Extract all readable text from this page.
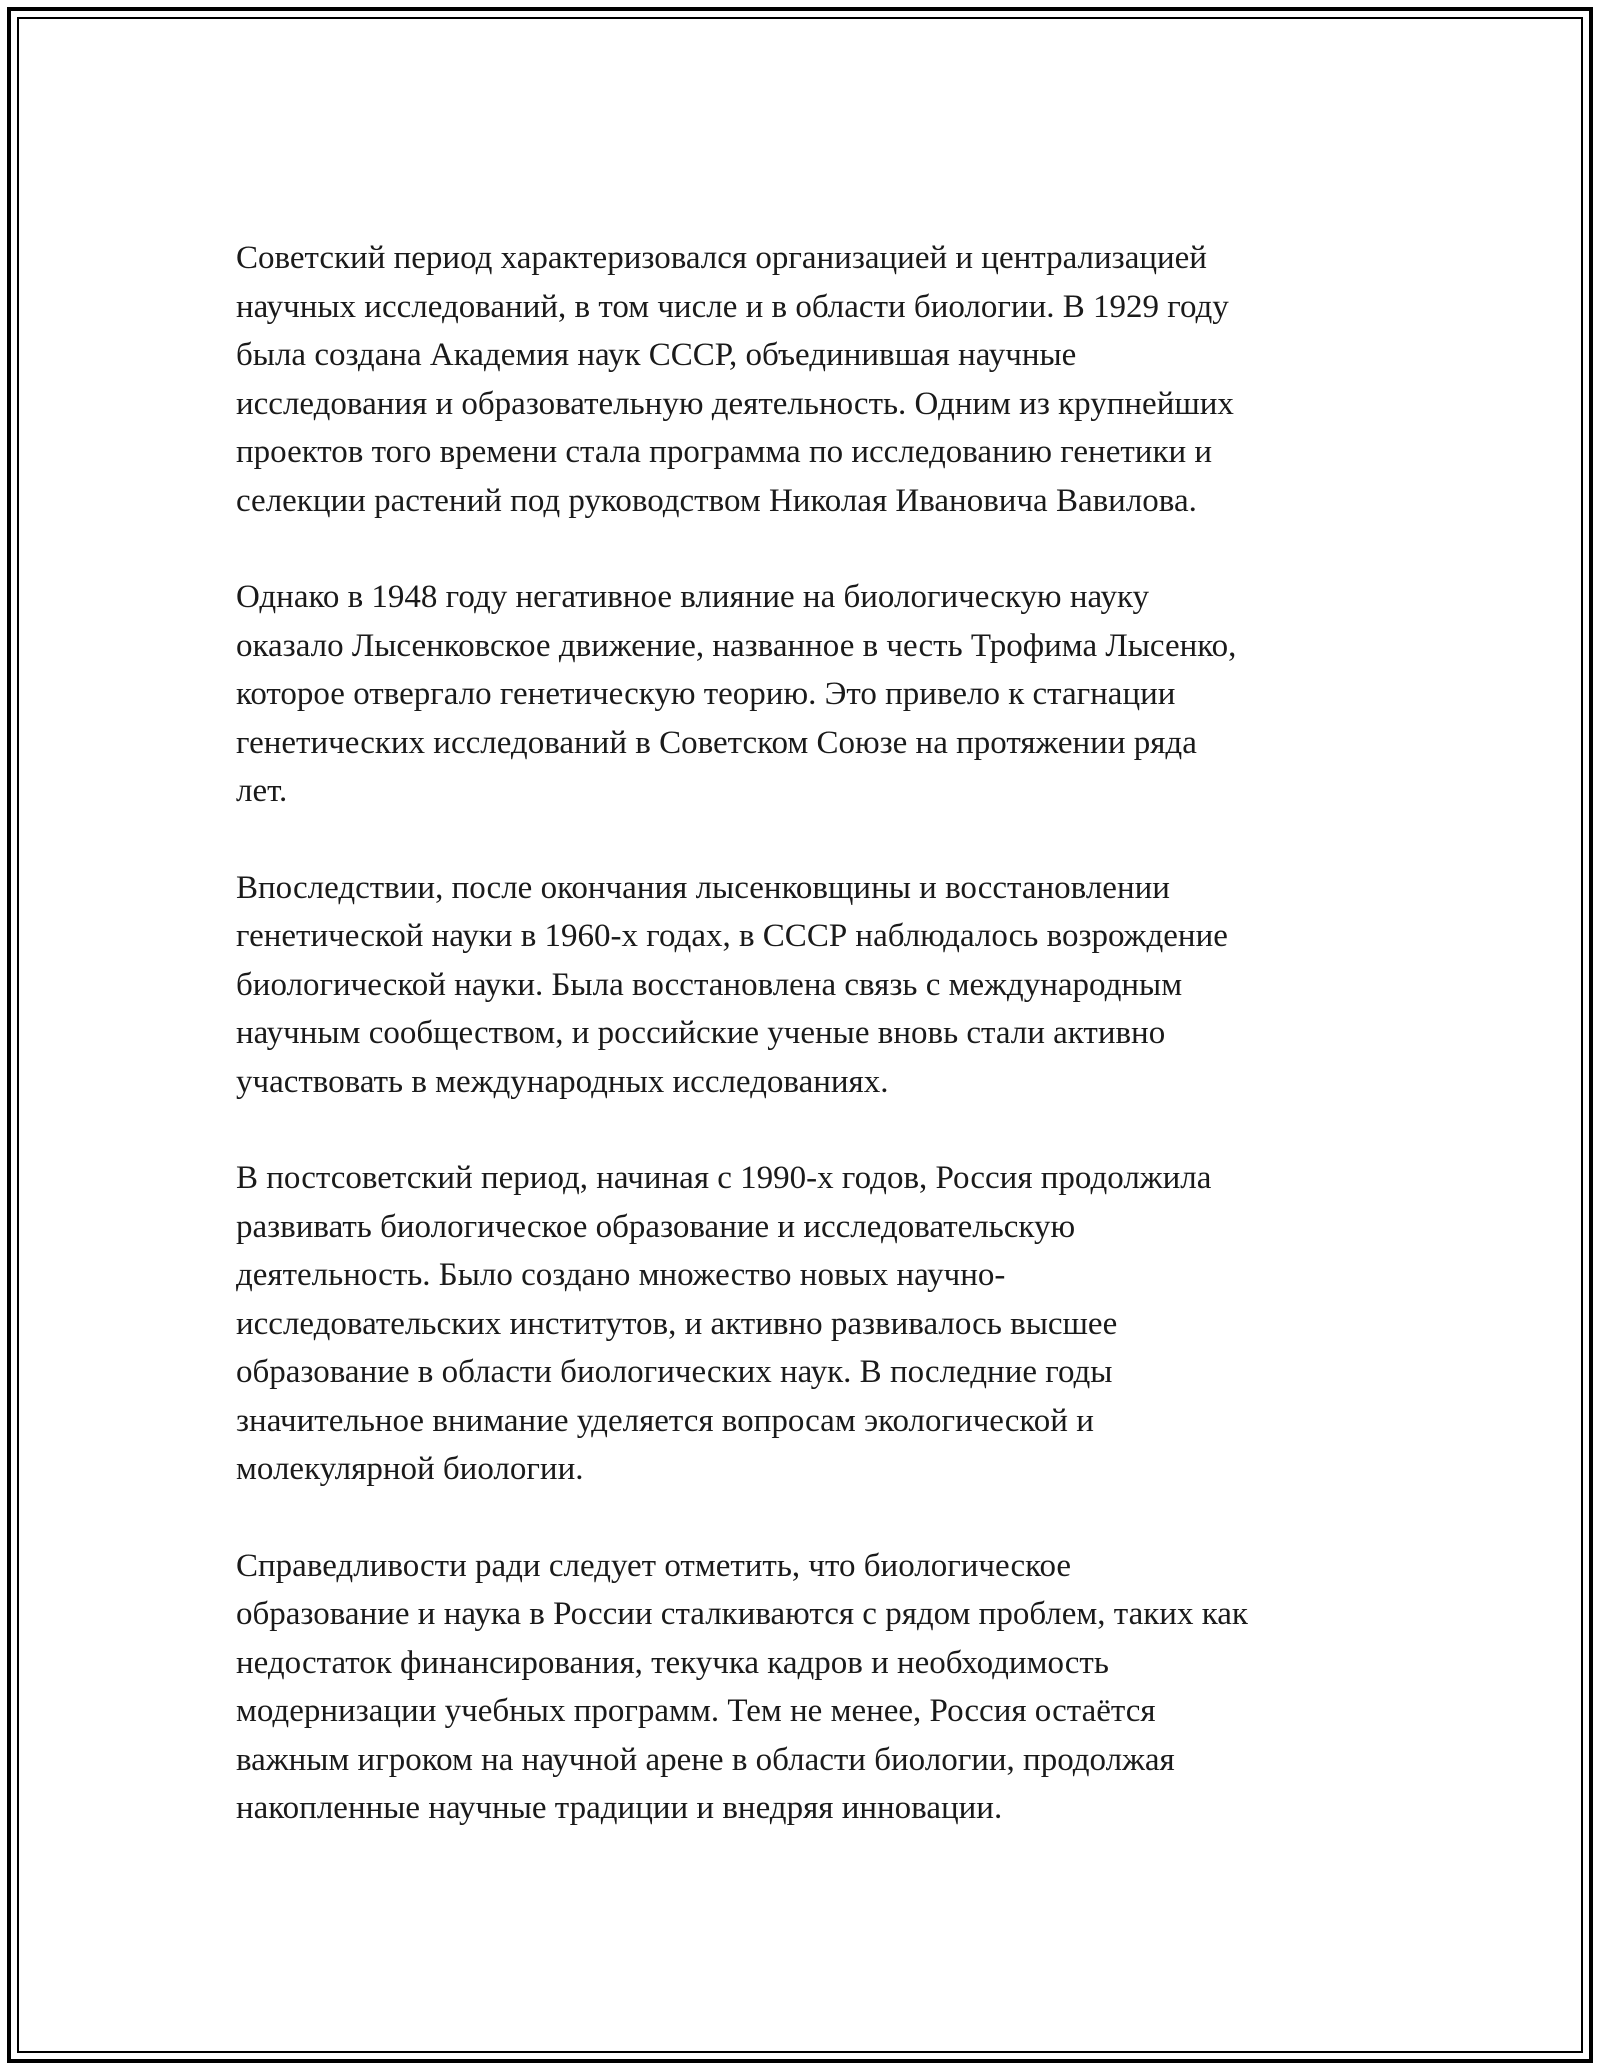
Советский период характеризовался организацией и централизацией
научных исследований, в том числе и в области биологии. В 1929 году
была создана Академия наук СССР, объединившая научные
исследования и образовательную деятельность. Одним из крупнейших
проектов того времени стала программа по исследованию генетики и
селекции растений под руководством Николая Ивановича Вавилова.

Однако в 1948 году негативное влияние на биологическую науку
оказало Лысенковское движение, названное в честь Трофима Лысенко,
которое отвергало генетическую теорию. Это привело к стагнации
генетических исследований в Советском Союзе на протяжении ряда
лет.

Впоследствии, после окончания лысенковщины и восстановлении
генетической науки в 1960-х годах, в СССР наблюдалось возрождение
биологической науки. Была восстановлена связь с международным
научным сообществом, и российские ученые вновь стали активно
участвовать в международных исследованиях.

В постсоветский период, начиная с 1990-х годов, Россия продолжила
развивать биологическое образование и исследовательскую
деятельность. Было создано множество новых научно-
исследовательских институтов, и активно развивалось высшее
образование в области биологических наук. В последние годы
значительное внимание уделяется вопросам экологической и
молекулярной биологии.

Справедливости ради следует отметить, что биологическое
образование и наука в России сталкиваются с рядом проблем, таких как
недостаток финансирования, текучка кадров и необходимость
модернизации учебных программ. Тем не менее, Россия остаётся
важным игроком на научной арене в области биологии, продолжая
накопленные научные традиции и внедряя инновации.
